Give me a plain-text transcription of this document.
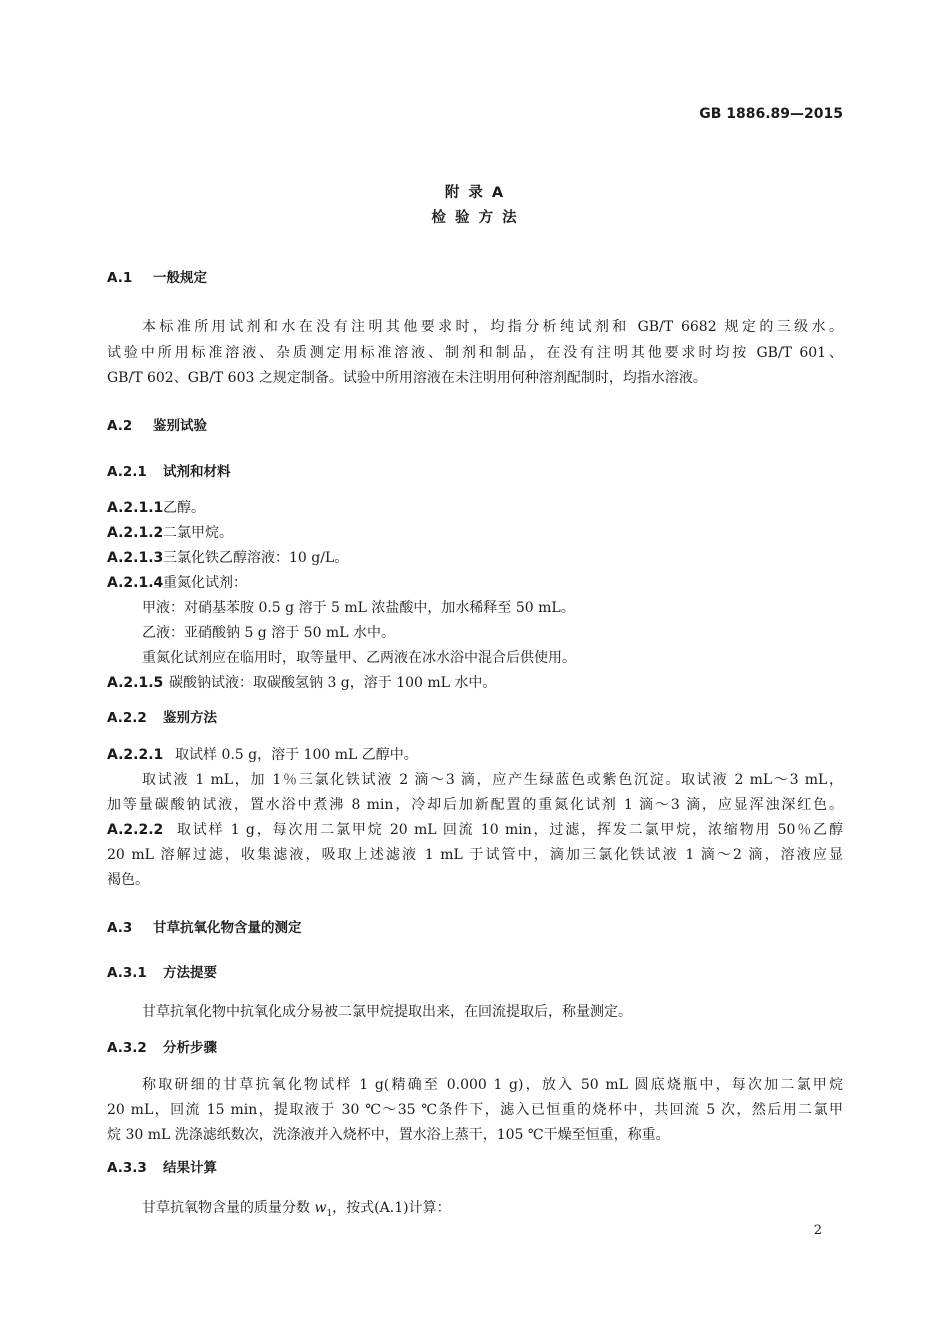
GB 1886.89—2015
附 录 A
检 验 方 法
A.1 一般规定
本标准所用试剂和水在没有注明其他要求时，均指分析纯试剂和 GB/T 6682 规定的三级水。
试验中所用标准溶液、杂质测定用标准溶液、制剂和制品，在没有注明其他要求时均按 GB/T 601、
GB/T 602、GB/T 603 之规定制备。试验中所用溶液在未注明用何种溶剂配制时，均指水溶液。
A.2 鉴别试验
A.2.1 试剂和材料
A.2.1.1乙醇。
A.2.1.2二氯甲烷。
A.2.1.3三氯化铁乙醇溶液：10 g/L。
A.2.1.4重氮化试剂：
甲液：对硝基苯胺 0.5 g 溶于 5 mL 浓盐酸中，加水稀释至 50 mL。
乙液：亚硝酸钠 5 g 溶于 50 mL 水中。
重氮化试剂应在临用时，取等量甲、乙两液在冰水浴中混合后供使用。
A.2.1.5 碳酸钠试液：取碳酸氢钠 3 g，溶于 100 mL 水中。
A.2.2 鉴别方法
A.2.2.1 取试样 0.5 g，溶于 100 mL 乙醇中。
取试液 1 mL，加 1％三氯化铁试液 2 滴～3 滴，应产生绿蓝色或紫色沉淀。取试液 2 mL～3 mL，
加等量碳酸钠试液，置水浴中煮沸 8 min，冷却后加新配置的重氮化试剂 1 滴～3 滴，应显浑浊深红色。
A.2.2.2 取试样 1 g，每次用二氯甲烷 20 mL 回流 10 min，过滤，挥发二氯甲烷，浓缩物用 50％乙醇
20 mL 溶解过滤，收集滤液，吸取上述滤液 1 mL 于试管中，滴加三氯化铁试液 1 滴～2 滴，溶液应显
褐色。
A.3 甘草抗氧化物含量的测定
A.3.1 方法提要
甘草抗氧化物中抗氧化成分易被二氯甲烷提取出来，在回流提取后，称量测定。
A.3.2 分析步骤
称取研细的甘草抗氧化物试样 1 g(精确至 0.000 1 g)，放入 50 mL 圆底烧瓶中，每次加二氯甲烷
20 mL，回流 15 min，提取液于 30 ℃～35 ℃条件下，滤入已恒重的烧杯中，共回流 5 次，然后用二氯甲
烷 30 mL 洗涤滤纸数次，洗涤液并入烧杯中，置水浴上蒸干，105 ℃干燥至恒重，称重。
A.3.3 结果计算
甘草抗氧物含量的质量分数 $w_1$，按式(A.1)计算：
2
